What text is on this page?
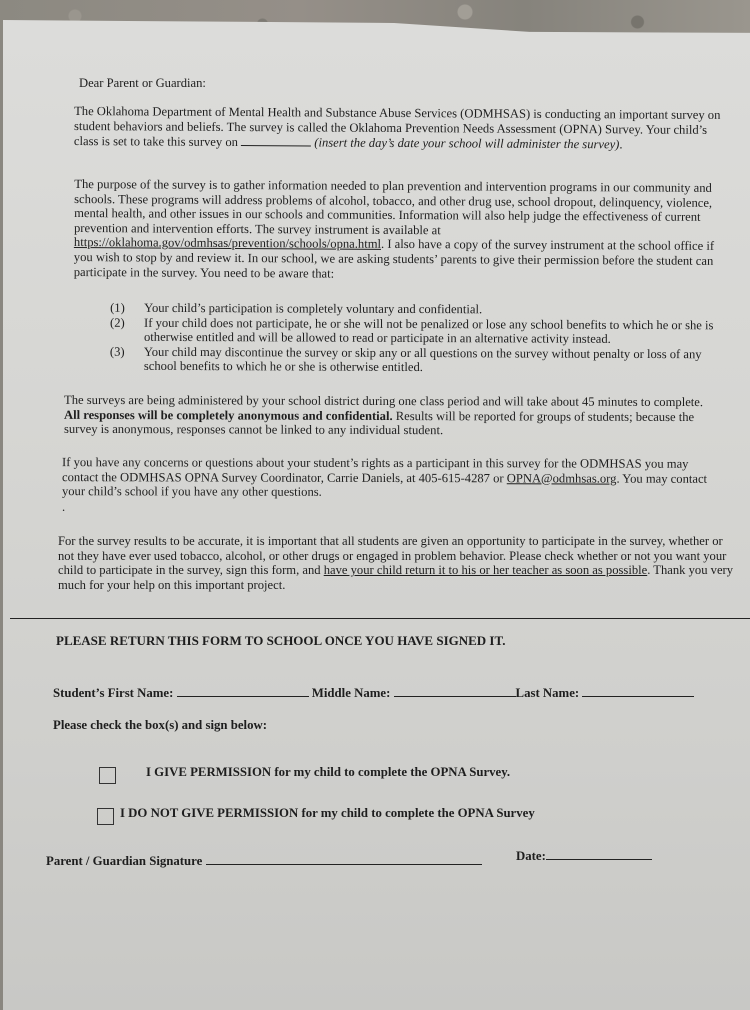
Dear Parent or Guardian:

The Oklahoma Department of Mental Health and Substance Abuse Services (ODMHSAS) is conducting an important survey on student behaviors and beliefs. The survey is called the Oklahoma Prevention Needs Assessment (OPNA) Survey. Your child’s class is set to take this survey on	(insert the day’s date your school will administer the survey).

The purpose of the survey is to gather information needed to plan prevention and intervention programs in our community and schools. These programs will address problems of alcohol, tobacco, and other drug use, school dropout, delinquency, violence, mental health, and other issues in our schools and communities. Information will also help judge the effectiveness of current prevention and intervention efforts. The survey instrument is available at https://oklahoma.gov/odmhsas/prevention/schools/opna.html. I also have a copy of the survey instrument at the school office if you wish to stop by and review it. In our school, we are asking students’ parents to give their permission before the student can participate in the survey. You need to be aware that:

(1)	Your child’s participation is completely voluntary and confidential.
(2)	If your child does not participate, he or she will not be penalized or lose any school benefits to which he or she is otherwise entitled and will be allowed to read or participate in an alternative activity instead.
(3)	Your child may discontinue the survey or skip any or all questions on the survey without penalty or loss of any school benefits to which he or she is otherwise entitled.

The surveys are being administered by your school district during one class period and will take about 45 minutes to complete. All responses will be completely anonymous and confidential. Results will be reported for groups of students; because the survey is anonymous, responses cannot be linked to any individual student.

If you have any concerns or questions about your student’s rights as a participant in this survey for the ODMHSAS you may contact the ODMHSAS OPNA Survey Coordinator, Carrie Daniels, at 405-615-4287 or OPNA@odmhsas.org. You may contact your child’s school if you have any other questions.

.

For the survey results to be accurate, it is important that all students are given an opportunity to participate in the survey, whether or not they have ever used tobacco, alcohol, or other drugs or engaged in problem behavior. Please check whether or not you want your child to participate in the survey, sign this form, and have your child return it to his or her teacher as soon as possible. Thank you very much for your help on this important project.

PLEASE RETURN THIS FORM TO SCHOOL ONCE YOU HAVE SIGNED IT.
Student’s First Name:	Middle Name:	Last Name:
Please check the box(s) and sign below:
I GIVE PERMISSION for my child to complete the OPNA Survey.
I DO NOT GIVE PERMISSION for my child to complete the OPNA Survey
Parent / Guardian Signature	Date:
